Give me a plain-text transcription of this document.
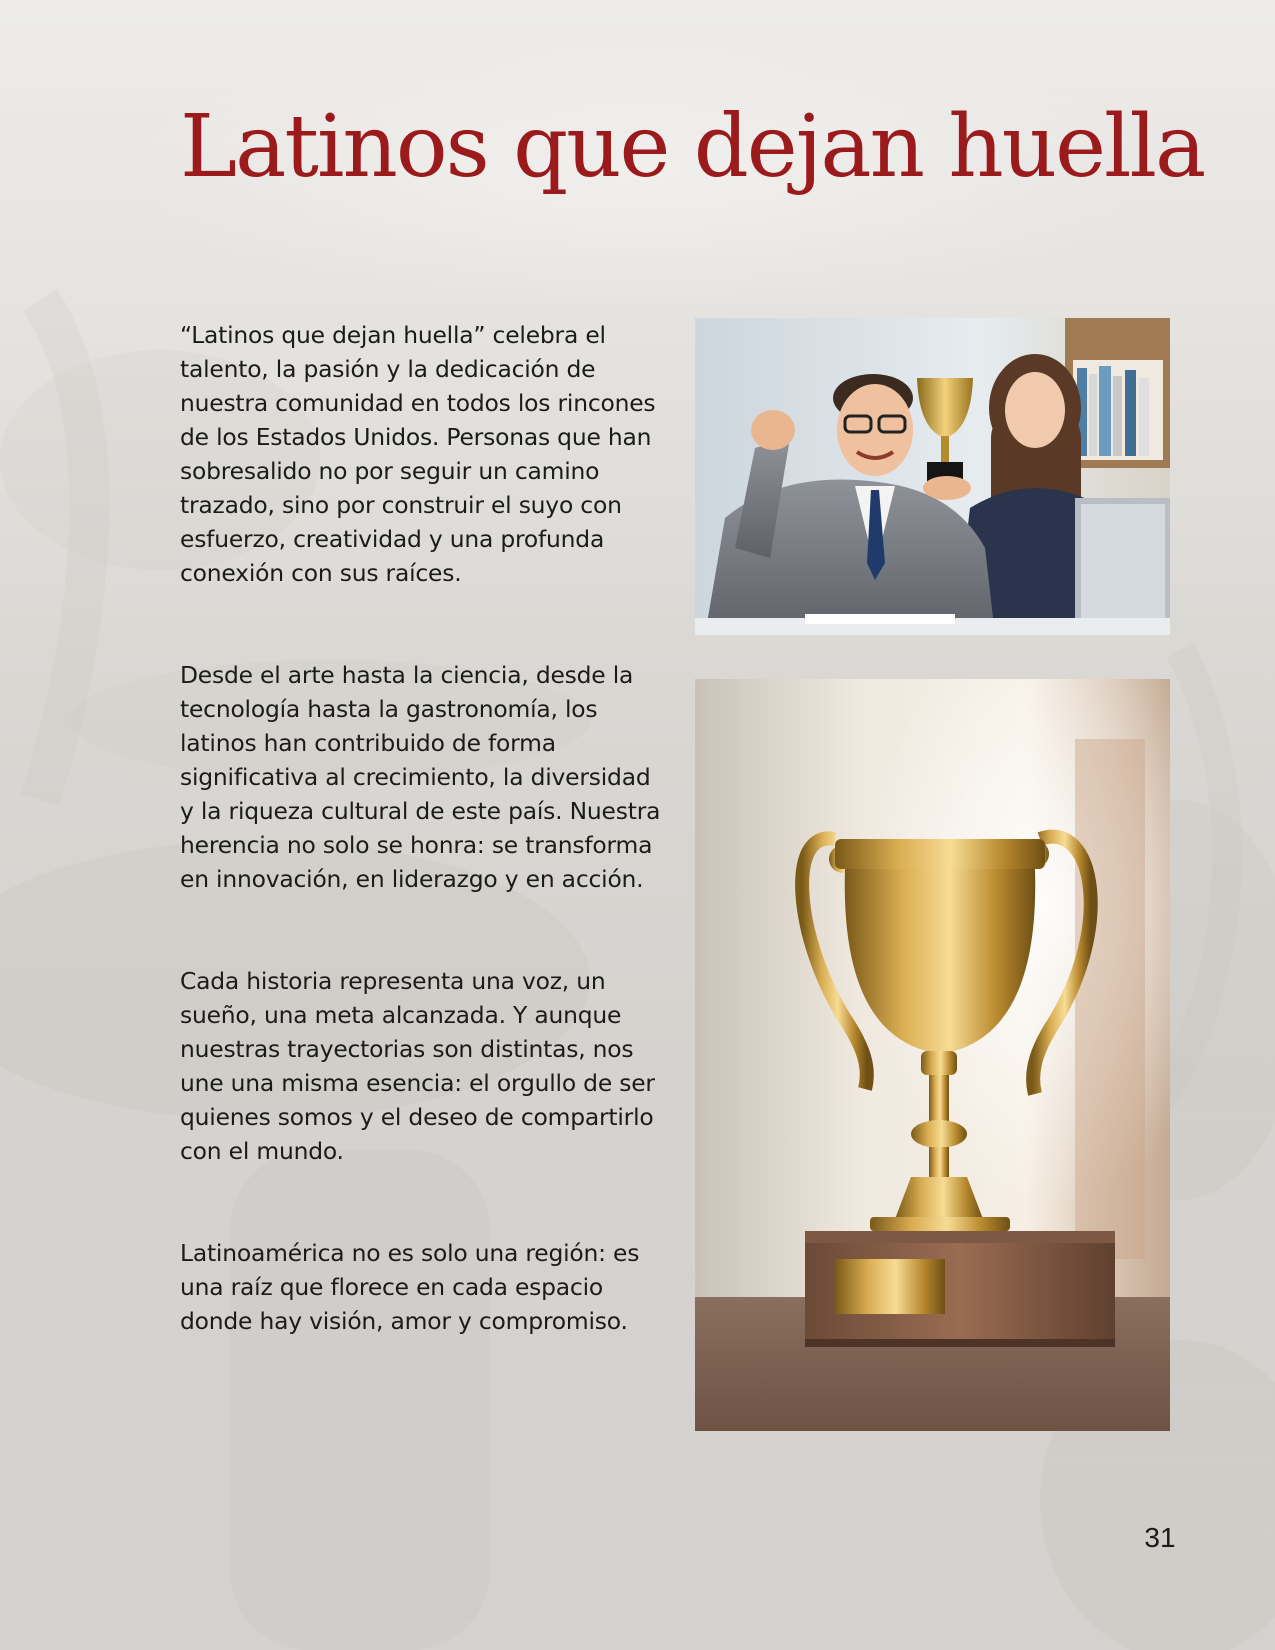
Latinos que dejan huella

“Latinos que dejan huella” celebra el talento, la pasión y la dedicación de nuestra comunidad en todos los rincones de los Estados Unidos. Personas que han sobresalido no por seguir un camino trazado, sino por construir el suyo con esfuerzo, creatividad y una profunda conexión con sus raíces.

Desde el arte hasta la ciencia, desde la tecnología hasta la gastronomía, los latinos han contribuido de forma significativa al crecimiento, la diversidad y la riqueza cultural de este país. Nuestra herencia no solo se honra: se transforma en innovación, en liderazgo y en acción.

Cada historia representa una voz, un sueño, una meta alcanzada. Y aunque nuestras trayectorias son distintas, nos une una misma esencia: el orgullo de ser quienes somos y el deseo de compartirlo con el mundo.

Latinoamérica no es solo una región: es una raíz que florece en cada espacio donde hay visión, amor y compromiso.

31
